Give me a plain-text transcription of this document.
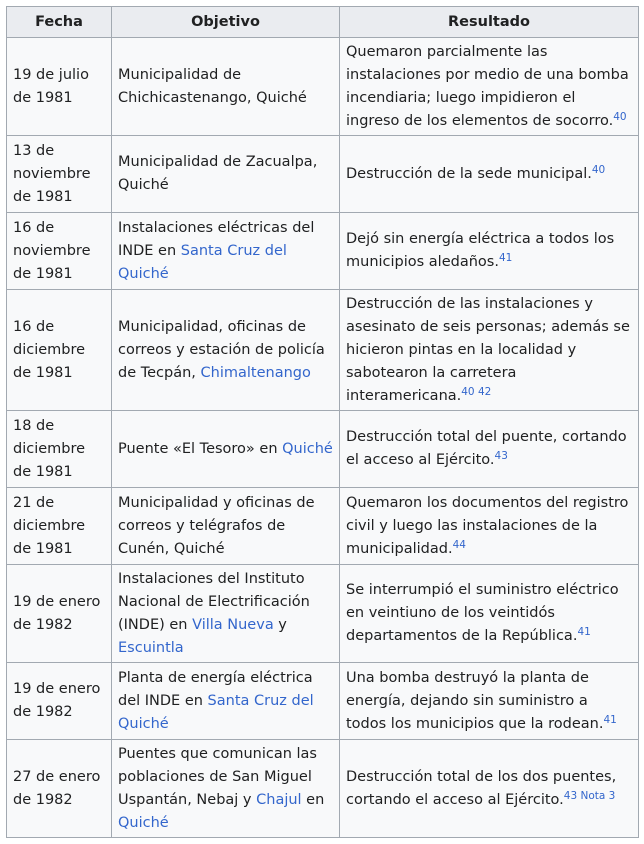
Fecha	Objetivo	Resultado
19 de julio de 1981	Municipalidad de Chichicastenango, Quiché	Quemaron parcialmente las instalaciones por medio de una bomba incendiaria; luego impidieron el ingreso de los elementos de socorro.$^{40}$
13 de noviembre de 1981	Municipalidad de Zacualpa, Quiché	Destrucción de la sede municipal.$^{40}$
16 de noviembre de 1981	Instalaciones eléctricas del INDE en Santa Cruz del Quiché	Dejó sin energía eléctrica a todos los municipios aledaños.$^{41}$
16 de diciembre de 1981	Municipalidad, oficinas de correos y estación de policía de Tecpán, Chimaltenango	Destrucción de las instalaciones y asesinato de seis personas; además se hicieron pintas en la localidad y sabotearon la carretera interamericana.$^{40 42}$
18 de diciembre de 1981	Puente «El Tesoro» en Quiché	Destrucción total del puente, cortando el acceso al Ejército.$^{43}$
21 de diciembre de 1981	Municipalidad y oficinas de correos y telégrafos de Cunén, Quiché	Quemaron los documentos del registro civil y luego las instalaciones de la municipalidad.$^{44}$
19 de enero de 1982	Instalaciones del Instituto Nacional de Electrificación (INDE) en Villa Nueva y Escuintla	Se interrumpió el suministro eléctrico en veintiuno de los veintidós departamentos de la República.$^{41}$
19 de enero de 1982	Planta de energía eléctrica del INDE en Santa Cruz del Quiché	Una bomba destruyó la planta de energía, dejando sin suministro a todos los municipios que la rodean.$^{41}$
27 de enero de 1982	Puentes que comunican las poblaciones de San Miguel Uspantán, Nebaj y Chajul en Quiché	Destrucción total de los dos puentes, cortando el acceso al Ejército.$^{43 Nota 3}$
